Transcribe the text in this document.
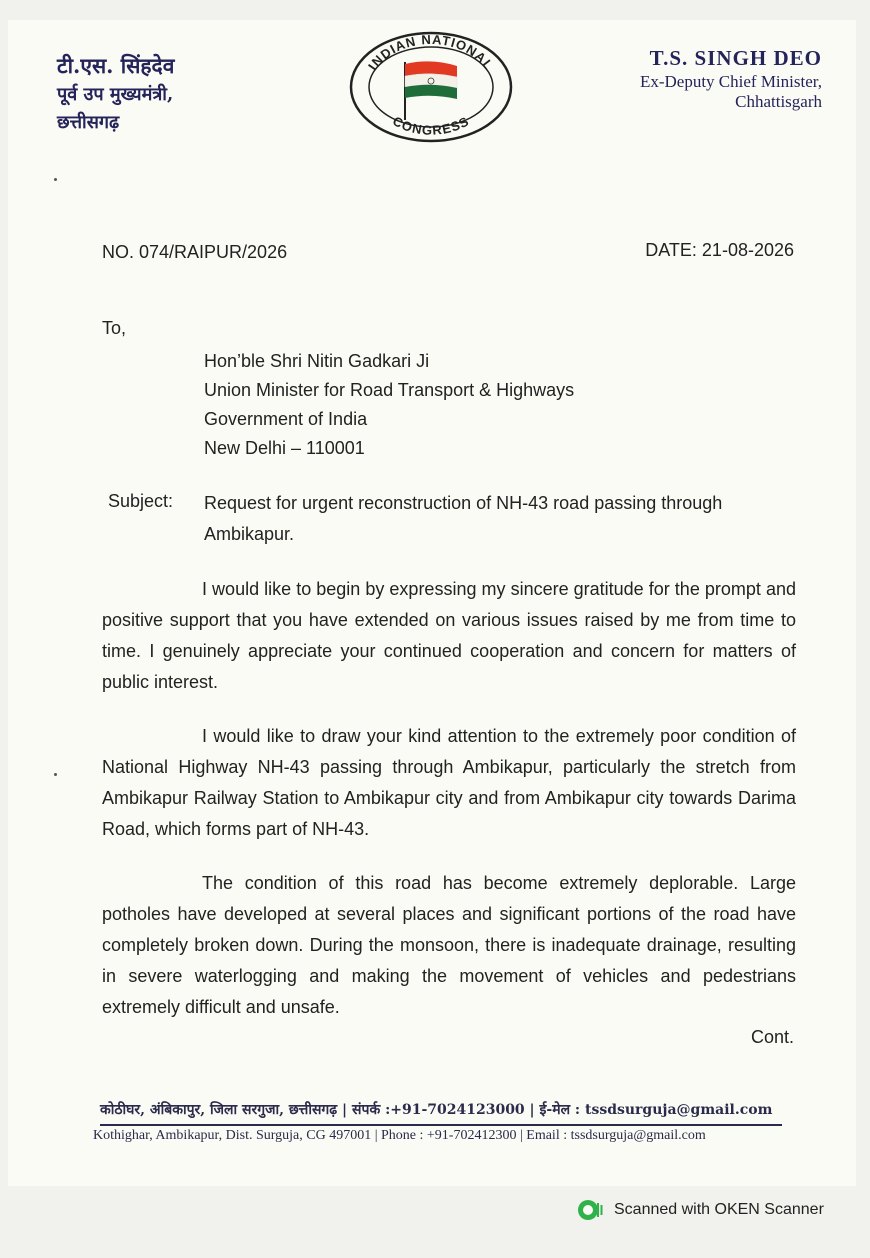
टी.एस. सिंहदेव

पूर्व उप मुख्यमंत्री,

छत्तीसगढ़

INDIAN NATIONAL
CONGRESS

T.S. SINGH DEO

Ex-Deputy Chief Minister,

Chhattisgarh

NO. 074/RAIPUR/2026	DATE: 21-08-2026

To,

Hon’ble Shri Nitin Gadkari Ji
Union Minister for Road Transport & Highways
Government of India
New Delhi – 110001

Subject: Request for urgent reconstruction of NH-43 road passing through
Ambikapur.

I would like to begin by expressing my sincere gratitude for the prompt and positive support that you have extended on various issues raised by me from time to time. I genuinely appreciate your continued cooperation and concern for matters of public interest.

I would like to draw your kind attention to the extremely poor condition of National Highway NH-43 passing through Ambikapur, particularly the stretch from Ambikapur Railway Station to Ambikapur city and from Ambikapur city towards Darima Road, which forms part of NH-43.

The condition of this road has become extremely deplorable. Large potholes have developed at several places and significant portions of the road have completely broken down. During the monsoon, there is inadequate drainage, resulting in severe waterlogging and making the movement of vehicles and pedestrians extremely difficult and unsafe.

Cont.

कोठीघर, अंबिकापुर, जिला सरगुजा, छत्तीसगढ़ | संपर्क :+91-7024123000 | ई-मेल : tssdsurguja@gmail.com

Kothighar, Ambikapur, Dist. Surguja, CG 497001 | Phone : +91-702412300 | Email : tssdsurguja@gmail.com

Scanned with OKEN Scanner
